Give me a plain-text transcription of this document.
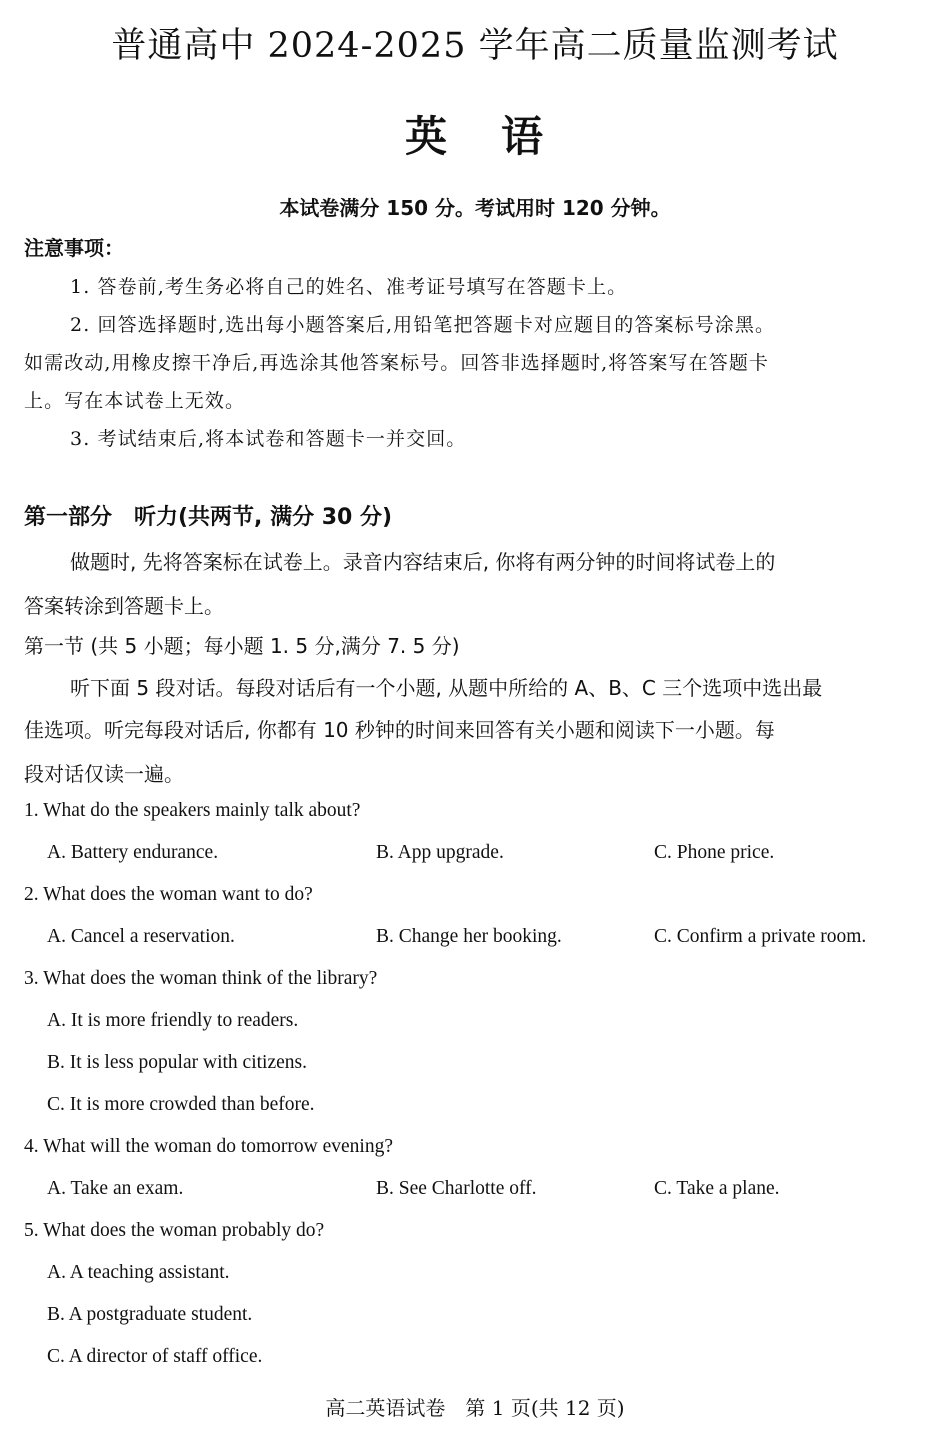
普通高中 2024-2025 学年高二质量监测考试
英 语
本试卷满分 150 分。考试用时 120 分钟。
注意事项：
1. 答卷前,考生务必将自己的姓名、准考证号填写在答题卡上。
2. 回答选择题时,选出每小题答案后,用铅笔把答题卡对应题目的答案标号涂黑。
如需改动,用橡皮擦干净后,再选涂其他答案标号。回答非选择题时,将答案写在答题卡
上。写在本试卷上无效。
3. 考试结束后,将本试卷和答题卡一并交回。
第一部分　听力(共两节, 满分 30 分)
做题时, 先将答案标在试卷上。录音内容结束后, 你将有两分钟的时间将试卷上的
答案转涂到答题卡上。
第一节 (共 5 小题；每小题 1. 5 分,满分 7. 5 分)
听下面 5 段对话。每段对话后有一个小题, 从题中所给的 A、B、C 三个选项中选出最
佳选项。听完每段对话后, 你都有 10 秒钟的时间来回答有关小题和阅读下一小题。每
段对话仅读一遍。
1. What do the speakers mainly talk about?
A. Battery endurance.	B. App upgrade.	C. Phone price.
2. What does the woman want to do?
A. Cancel a reservation.	B. Change her booking.	C. Confirm a private room.
3. What does the woman think of the library?
A. It is more friendly to readers.
B. It is less popular with citizens.
C. It is more crowded than before.
4. What will the woman do tomorrow evening?
A. Take an exam.	B. See Charlotte off.	C. Take a plane.
5. What does the woman probably do?
A. A teaching assistant.
B. A postgraduate student.
C. A director of staff office.
高二英语试卷　第 1 页(共 12 页)
